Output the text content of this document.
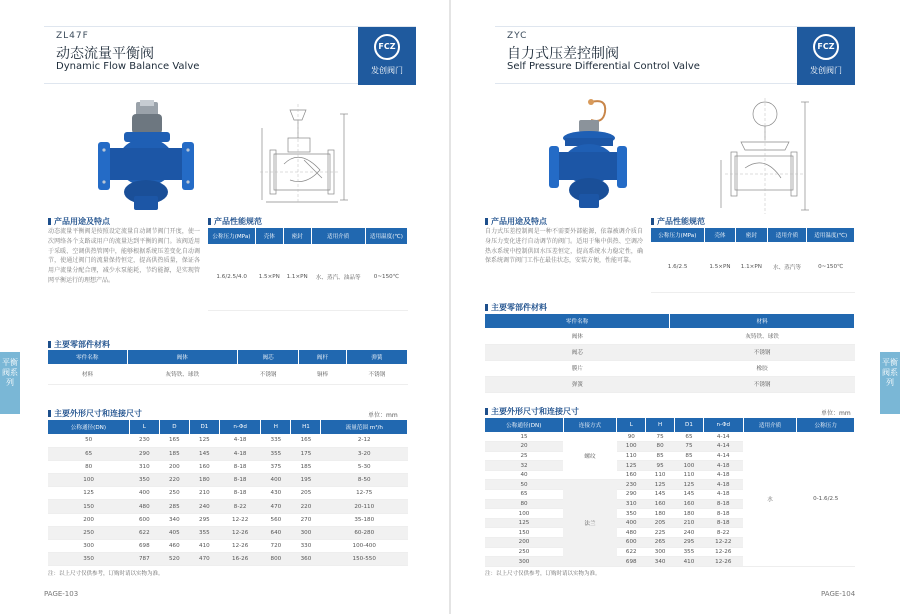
ZL47F
动态流量平衡阀
Dynamic Flow Balance Valve
FCZ
发创阀门
产品用途及特点
动态流量平衡阀是按照设定流量自动调节阀门开度，使一次网络各个支路或用户的流量达到平衡的阀门。该阀适用于采暖、空调供热管网中，能够根据系统压差变化自动调节，使通过阀门的流量保持恒定，提高供热质量，保证各用户流量分配合理，减少水泵能耗，节约能源，是实现管网平衡运行的理想产品。
产品性能规范
公称压力(MPa)	壳体	密封	适用介质	适用温度(℃)
1.6/2.5/4.0	1.5×PN	1.1×PN	水、蒸汽、油品等	0~150℃
主要零部件材料
零件名称	阀体	阀芯	阀杆	弹簧
材料	灰铸铁、球铁	不锈钢	铜棒	不锈钢
主要外形尺寸和连接尺寸	单位：mm
公称通径(DN)	L	D	D1	n-Φd	H	H1	流量范围 m³/h
50	230	165	125	4-18	335	165	2-12
65	290	185	145	4-18	355	175	3-20
80	310	200	160	8-18	375	185	5-30
100	350	220	180	8-18	400	195	8-50
125	400	250	210	8-18	430	205	12-75
150	480	285	240	8-22	470	220	20-110
200	600	340	295	12-22	560	270	35-180
250	622	405	355	12-26	640	300	60-280
300	698	460	410	12-26	720	330	100-400
350	787	520	470	16-26	800	360	150-550
注：以上尺寸仅供参考，订购时请以实物为准。
PAGE-103
平衡阀系列
ZYC
自力式压差控制阀
Self Pressure Differential Control Valve
FCZ
发创阀门
产品用途及特点
自力式压差控制阀是一种不需要外部能源，依靠被调介质自身压力变化进行自动调节的阀门。适用于集中供热、空调冷热水系统中控制供回水压差恒定，提高系统水力稳定性，确保系统调节阀门工作在最佳状态，安装方便，性能可靠。
产品性能规范
公称压力(MPa)	壳体	密封	适用介质	适用温度(℃)
1.6/2.5	1.5×PN	1.1×PN	水、蒸汽等	0~150℃
主要零部件材料
零件名称	材料
阀体	灰铸铁、球铁
阀芯	不锈钢
膜片	橡胶
弹簧	不锈钢
主要外形尺寸和连接尺寸	单位：mm
公称通径(DN)	连接方式	L	H	D1	n-Φd	适用介质	公称压力
15	螺纹	90	75	65	4-14	水	0-1.6/2.5
20		100	80	75	4-14		
25		110	85	85	4-14		
32		125	95	100	4-18		
40		160	110	110	4-18		
50	法兰	230	125	125	4-18		
65		290	145	145	4-18		
80		310	160	160	8-18		
100		350	180	180	8-18		
125		400	205	210	8-18		
150		480	225	240	8-22		
200		600	265	295	12-22		
250		622	300	355	12-26		
300		698	340	410	12-26		
注：以上尺寸仅供参考，订购时请以实物为准。
PAGE-104
平衡阀系列
